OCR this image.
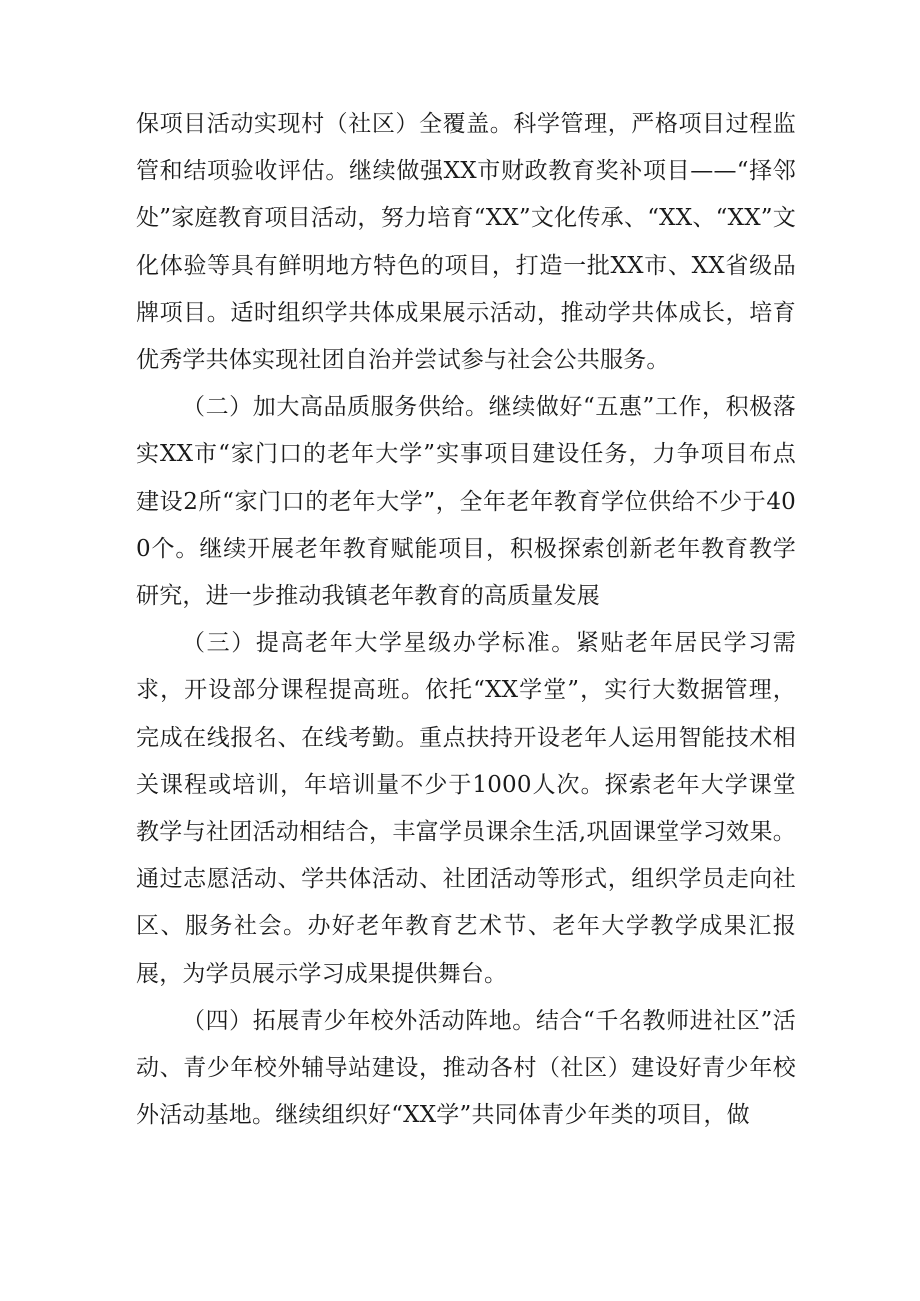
保项目活动实现村（社区）全覆盖。科学管理，严格项目过程监管和结项验收评估。继续做强XX市财政教育奖补项目——“择邻处”家庭教育项目活动，努力培育“XX”文化传承、“XX、“XX”文化体验等具有鲜明地方特色的项目，打造一批XX市、XX省级品牌项目。适时组织学共体成果展示活动，推动学共体成长，培育优秀学共体实现社团自治并尝试参与社会公共服务。

（二）加大高品质服务供给。继续做好“五惠”工作，积极落实XX市“家门口的老年大学”实事项目建设任务，力争项目布点建设2所“家门口的老年大学”，全年老年教育学位供给不少于400个。继续开展老年教育赋能项目，积极探索创新老年教育教学研究，进一步推动我镇老年教育的高质量发展

（三）提高老年大学星级办学标准。紧贴老年居民学习需求，开设部分课程提高班。依托“XX学堂”，实行大数据管理，完成在线报名、在线考勤。重点扶持开设老年人运用智能技术相关课程或培训，年培训量不少于1000人次。探索老年大学课堂教学与社团活动相结合，丰富学员课余生活,巩固课堂学习效果。通过志愿活动、学共体活动、社团活动等形式，组织学员走向社区、服务社会。办好老年教育艺术节、老年大学教学成果汇报展，为学员展示学习成果提供舞台。

（四）拓展青少年校外活动阵地。结合“千名教师进社区”活动、青少年校外辅导站建设，推动各村（社区）建设好青少年校外活动基地。继续组织好“XX学”共同体青少年类的项目，做
